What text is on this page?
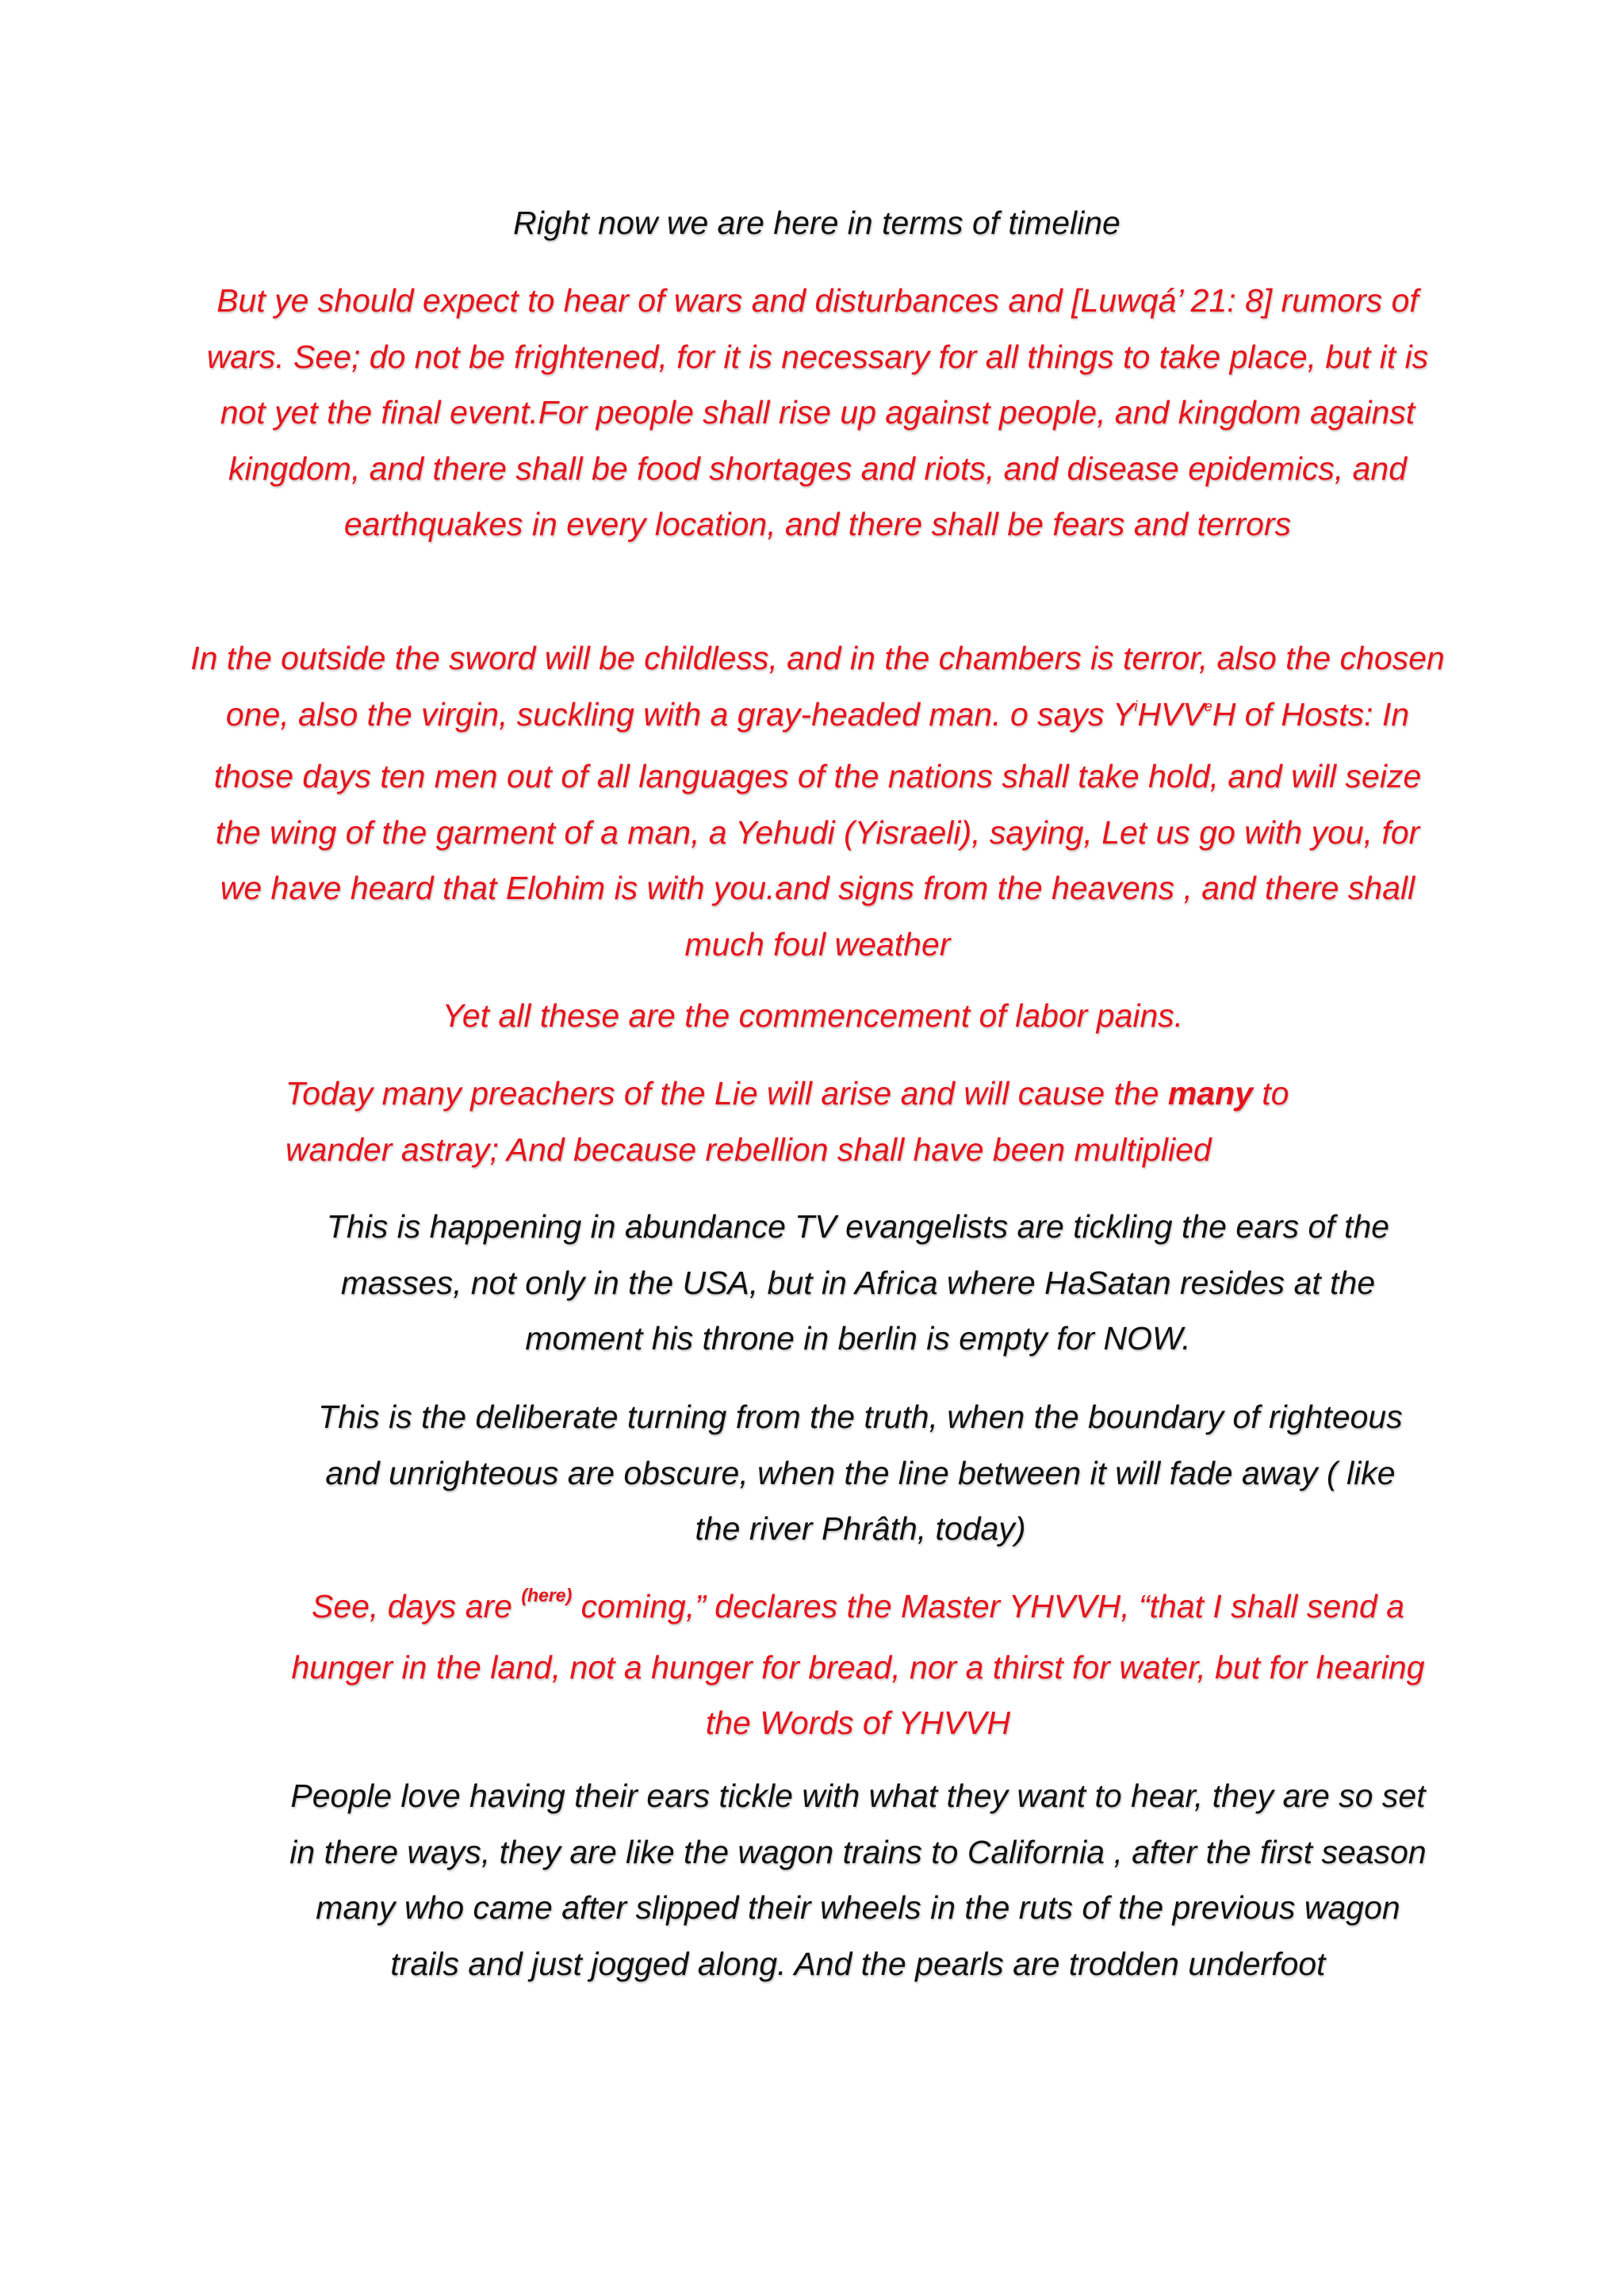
Right now we are here in terms of timeline

But ye should expect to hear of wars and disturbances and [Luwqá’ 21: 8] rumors of wars. See; do not be frightened, for it is necessary for all things to take place, but it is not yet the final event.For people shall rise up against people, and kingdom against kingdom, and there shall be food shortages and riots, and disease epidemics, and earthquakes in every location, and there shall be fears and terrors

In the outside the sword will be childless, and in the chambers is terror, also the chosen one, also the virgin, suckling with a gray-headed man. o says $Y^iHVV^eH$ of Hosts: In those days ten men out of all languages of the nations shall take hold, and will seize the wing of the garment of a man, a Yehudi (Yisraeli), saying, Let us go with you, for we have heard that Elohim is with you.and signs from the heavens , and there shall much foul weather

Yet all these are the commencement of labor pains.

Today many preachers of the Lie will arise and will cause the many to wander astray; And because rebellion shall have been multiplied

This is happening in abundance TV evangelists are tickling the ears of the masses, not only in the USA, but in Africa where HaSatan resides at the moment his throne in berlin is empty for NOW.

This is the deliberate turning from the truth, when the boundary of righteous and unrighteous are obscure, when the line between it will fade away ( like the river Phrâth, today)

See, days are $^{(here)}$ coming,” declares the Master YHVVH, “that I shall send a hunger in the land, not a hunger for bread, nor a thirst for water, but for hearing the Words of YHVVH

People love having their ears tickle with what they want to hear, they are so set in there ways, they are like the wagon trains to California , after the first season many who came after slipped their wheels in the ruts of the previous wagon trails and just jogged along. And the pearls are trodden underfoot
